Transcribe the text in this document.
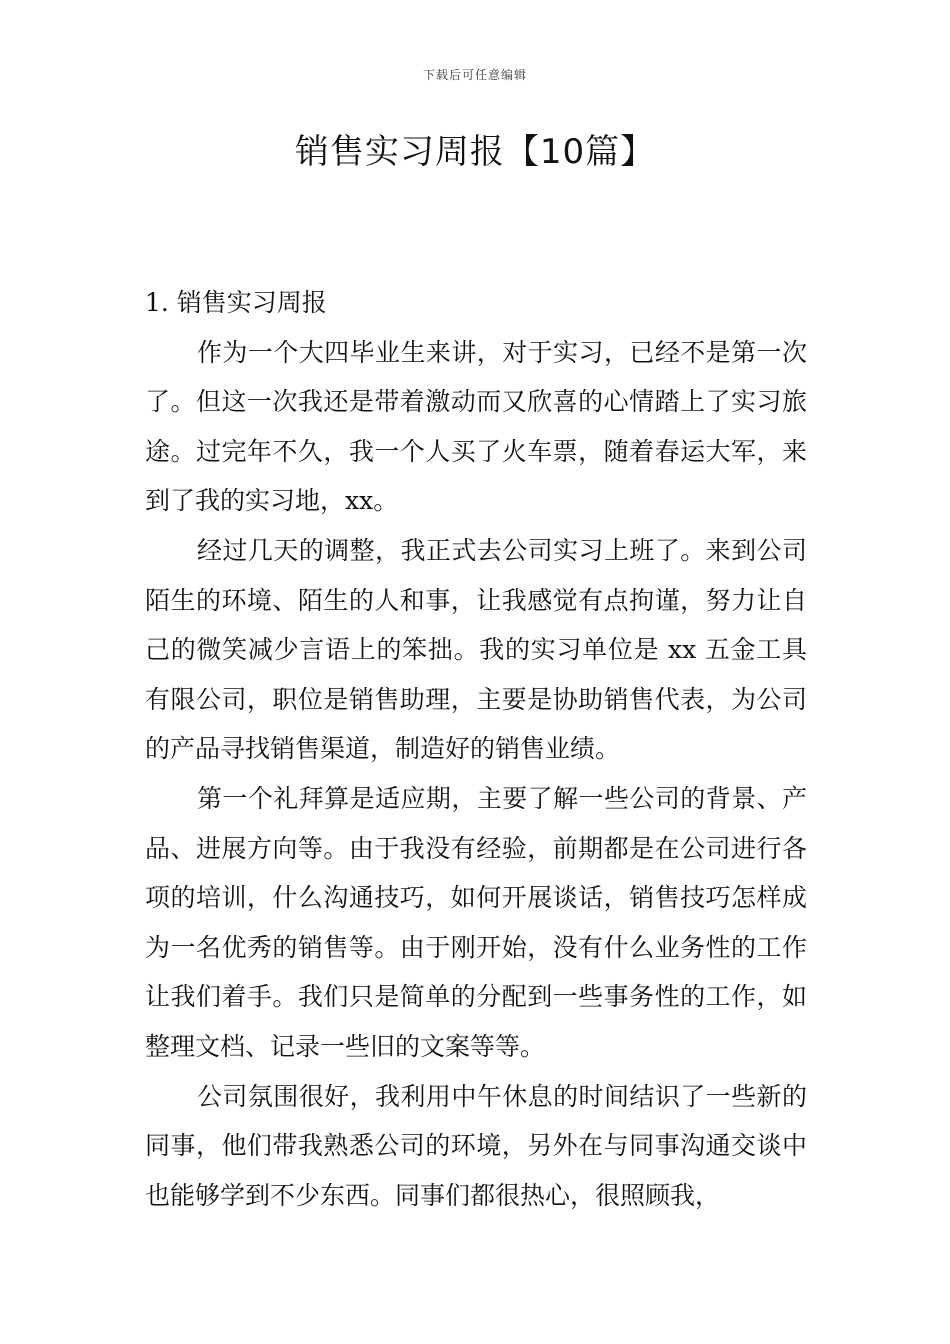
下载后可任意编辑
销售实习周报【10篇】

1. 销售实习周报

作为一个大四毕业生来讲，对于实习，已经不是第一次了。但这一次我还是带着激动而又欣喜的心情踏上了实习旅途。过完年不久，我一个人买了火车票，随着春运大军，来到了我的实习地，xx。

经过几天的调整，我正式去公司实习上班了。来到公司陌生的环境、陌生的人和事，让我感觉有点拘谨，努力让自己的微笑减少言语上的笨拙。我的实习单位是 xx 五金工具有限公司，职位是销售助理，主要是协助销售代表，为公司的产品寻找销售渠道，制造好的销售业绩。

第一个礼拜算是适应期，主要了解一些公司的背景、产品、进展方向等。由于我没有经验，前期都是在公司进行各项的培训，什么沟通技巧，如何开展谈话，销售技巧怎样成为一名优秀的销售等。由于刚开始，没有什么业务性的工作让我们着手。我们只是简单的分配到一些事务性的工作，如整理文档、记录一些旧的文案等等。

公司氛围很好，我利用中午休息的时间结识了一些新的同事，他们带我熟悉公司的环境，另外在与同事沟通交谈中也能够学到不少东西。同事们都很热心，很照顾我，
